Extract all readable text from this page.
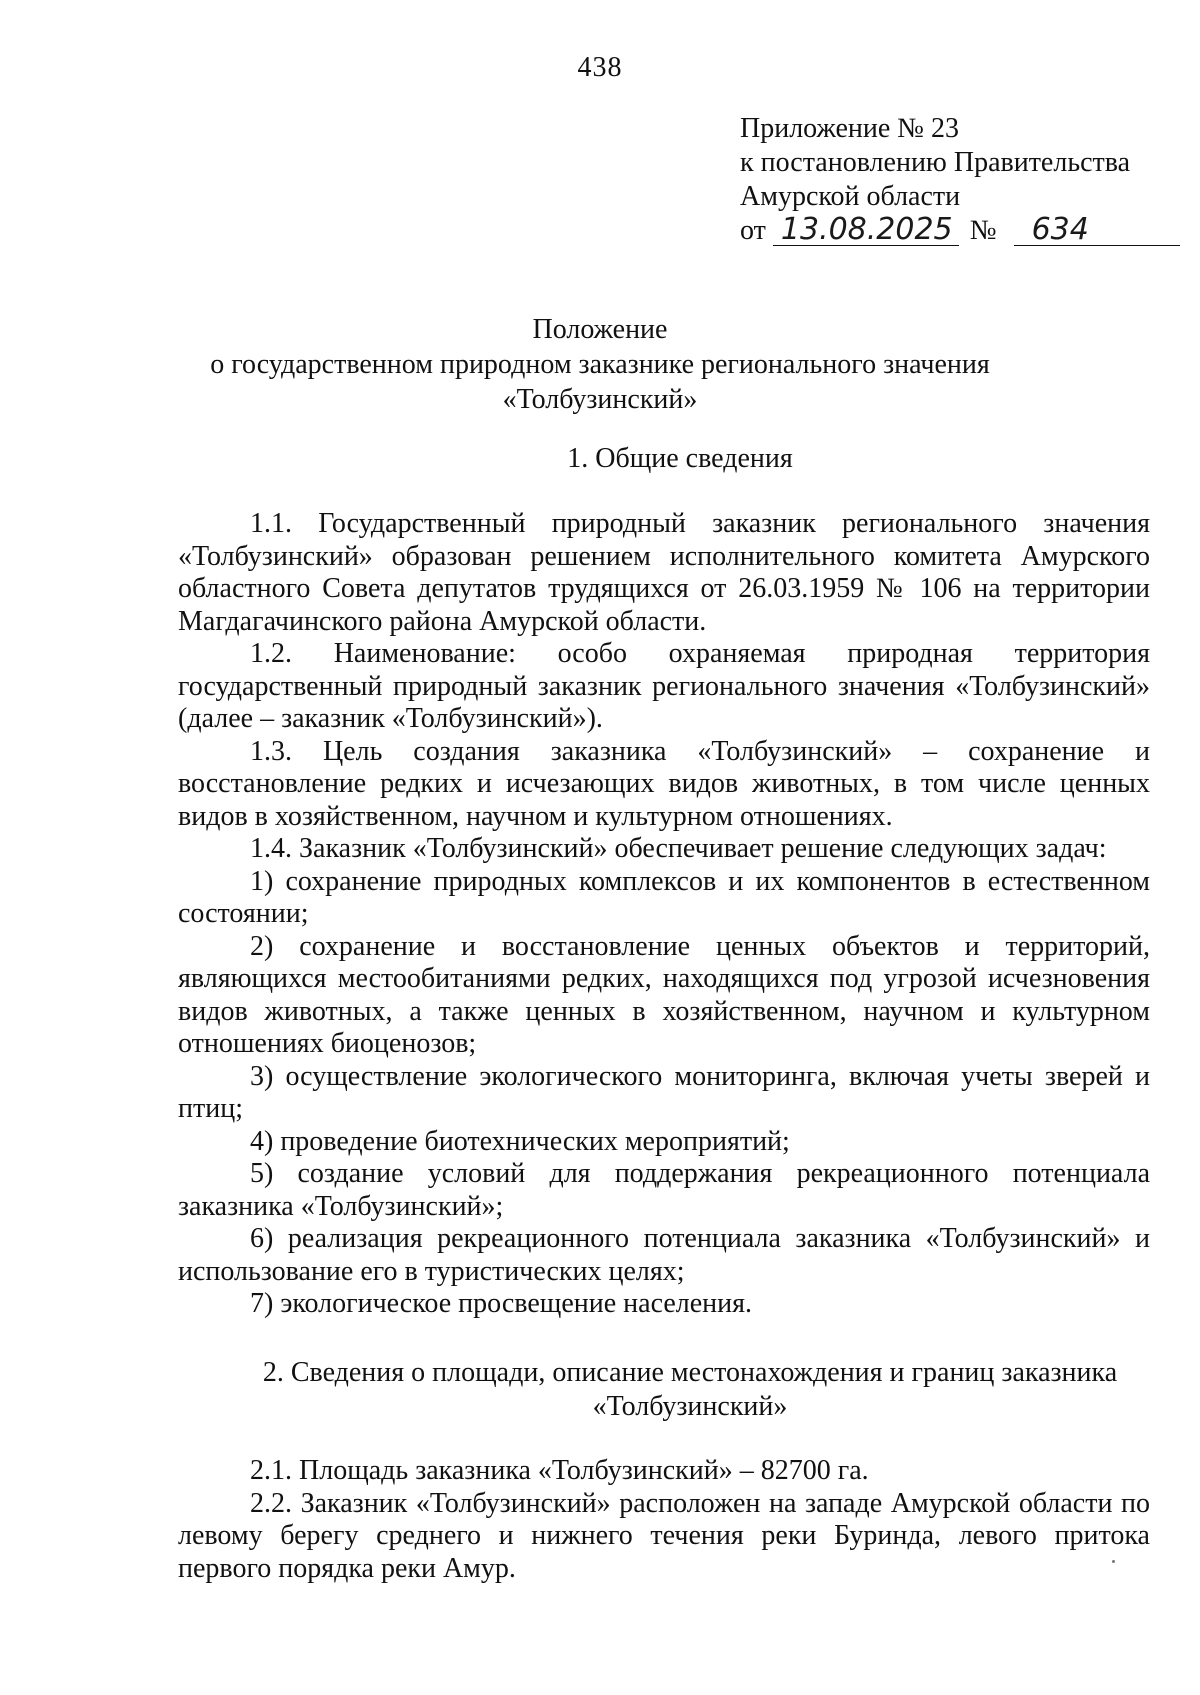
438
Приложение № 23
к постановлению Правительства
Амурской области
от 13.08.2025 № 634
Положение
о государственном природном заказнике регионального значения
«Толбузинский»
1. Общие сведения

1.1. Государственный природный заказник регионального значения «Толбузинский» образован решением исполнительного комитета Амурского областного Совета депутатов трудящихся от 26.03.1959 № 106 на территории Магдагачинского района Амурской области.

1.2. Наименование: особо охраняемая природная территория государственный природный заказник регионального значения «Толбузинский» (далее – заказник «Толбузинский»).

1.3. Цель создания заказника «Толбузинский» – сохранение и восстановление редких и исчезающих видов животных, в том числе ценных видов в хозяйственном, научном и культурном отношениях.

1.4. Заказник «Толбузинский» обеспечивает решение следующих задач:

1) сохранение природных комплексов и их компонентов в естественном состоянии;

2) сохранение и восстановление ценных объектов и территорий, являющихся местообитаниями редких, находящихся под угрозой исчезновения видов животных, а также ценных в хозяйственном, научном и культурном отношениях биоценозов;

3) осуществление экологического мониторинга, включая учеты зверей и птиц;

4) проведение биотехнических мероприятий;

5) создание условий для поддержания рекреационного потенциала заказника «Толбузинский»;

6) реализация рекреационного потенциала заказника «Толбузинский» и использование его в туристических целях;

7) экологическое просвещение населения.

2. Сведения о площади, описание местонахождения и границ заказника
«Толбузинский»

2.1. Площадь заказника «Толбузинский» – 82700 га.

2.2. Заказник «Толбузинский» расположен на западе Амурской области по левому берегу среднего и нижнего течения реки Буринда, левого притока первого порядка реки Амур.
